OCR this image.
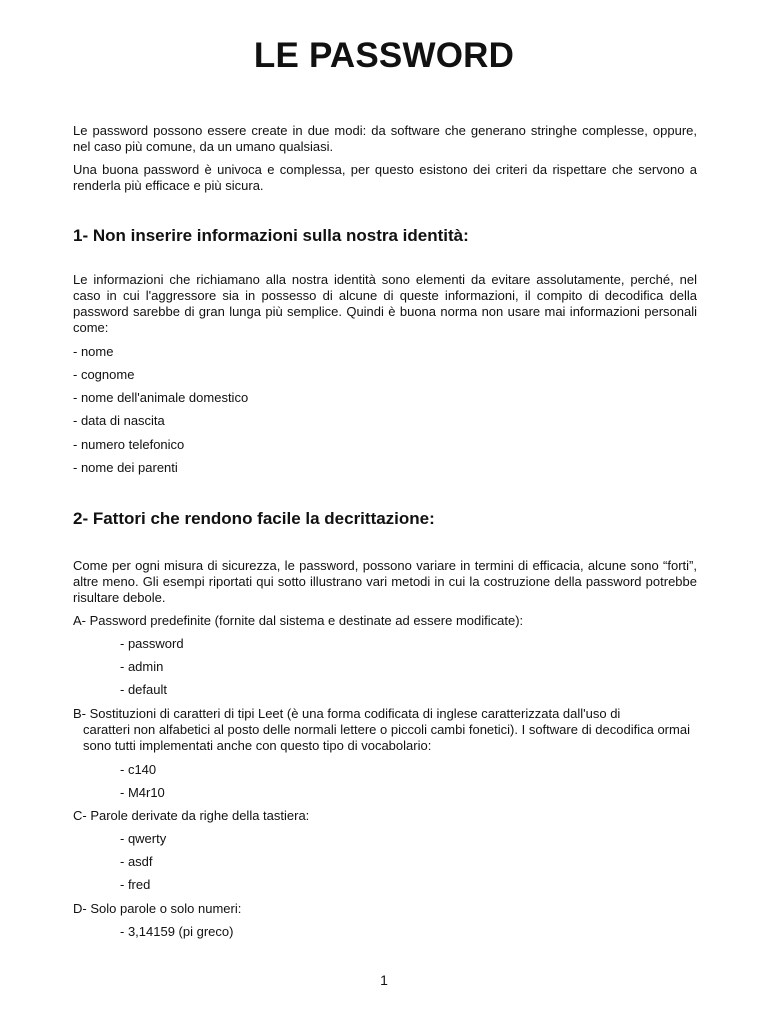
LE PASSWORD

Le password possono essere create in due modi: da software che generano stringhe complesse, oppure, nel caso più comune, da un umano qualsiasi.

Una buona password è univoca e complessa, per questo esistono dei criteri da rispettare che servono a renderla più efficace e più sicura.

1- Non inserire informazioni sulla nostra identità:

Le informazioni che richiamano alla nostra identità sono elementi da evitare assolutamente, perché, nel caso in cui l'aggressore sia in possesso di alcune di queste informazioni, il compito di decodifica della password sarebbe di gran lunga più semplice. Quindi è buona norma non usare mai informazioni personali come:

- nome

- cognome

- nome dell'animale domestico

- data di nascita

- numero telefonico

- nome dei parenti

2- Fattori che rendono facile la decrittazione:

Come per ogni misura di sicurezza, le password, possono variare in termini di efficacia, alcune sono “forti”, altre meno. Gli esempi riportati qui sotto illustrano vari metodi in cui la costruzione della password potrebbe risultare debole.

A- Password predefinite (fornite dal sistema e destinate ad essere modificate):

- password

- admin

- default

B- Sostituzioni di caratteri di tipi Leet (è una forma codificata di inglese caratterizzata dall'uso di
caratteri non alfabetici al posto delle normali lettere o piccoli cambi fonetici). I software di decodifica ormai sono tutti implementati anche con questo tipo di vocabolario:

- c140

- M4r10

C- Parole derivate da righe della tastiera:

- qwerty

- asdf

- fred

D- Solo parole o solo numeri:

- 3,14159 (pi greco)

1
